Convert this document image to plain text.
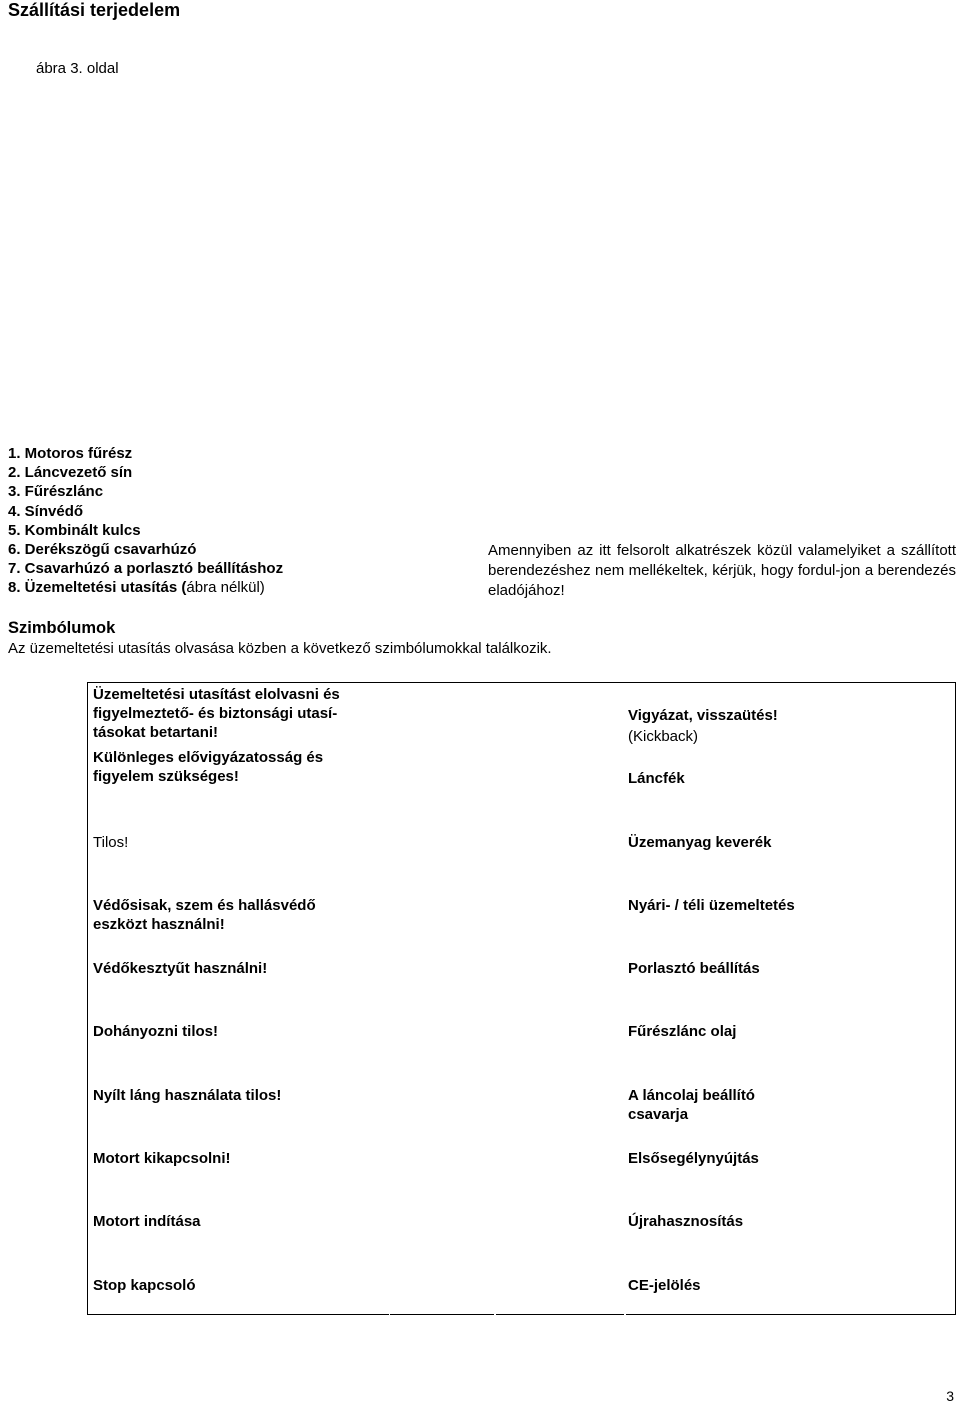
Szállítási terjedelem
ábra 3. oldal
1. Motoros fűrész
2. Láncvezető sín
3. Fűrészlánc
4. Sínvédő
5. Kombinált kulcs
6. Derékszögű csavarhúzó
7. Csavarhúzó a porlasztó beállításhoz
8. Üzemeltetési utasítás (ábra nélkül)
Amennyiben az itt felsorolt alkatrészek közül valamelyiket a szállított berendezéshez nem mellékeltek, kérjük, hogy fordul-jon a berendezés eladójához!
Szimbólumok
Az üzemeltetési utasítás olvasása közben a következő szimbólumokkal találkozik.
Üzemeltetési utasítást elolvasni és figyelmeztető- és biztonsági utasí-tásokat betartani!
Különleges elővigyázatosság és figyelem szükséges!
Tilos!
Védősisak, szem és hallásvédő eszközt használni!
Védőkesztyűt használni!
Dohányozni tilos!
Nyílt láng használata tilos!
Motort kikapcsolni!
Motort indítása
Stop kapcsoló
Vigyázat, visszaütés!
(Kickback)
Láncfék
Üzemanyag keverék
Nyári- / téli üzemeltetés
Porlasztó beállítás
Fűrészlánc olaj
A láncolaj beállító csavarja
Elsősegélynyújtás
Újrahasznosítás
CE-jelölés
3
